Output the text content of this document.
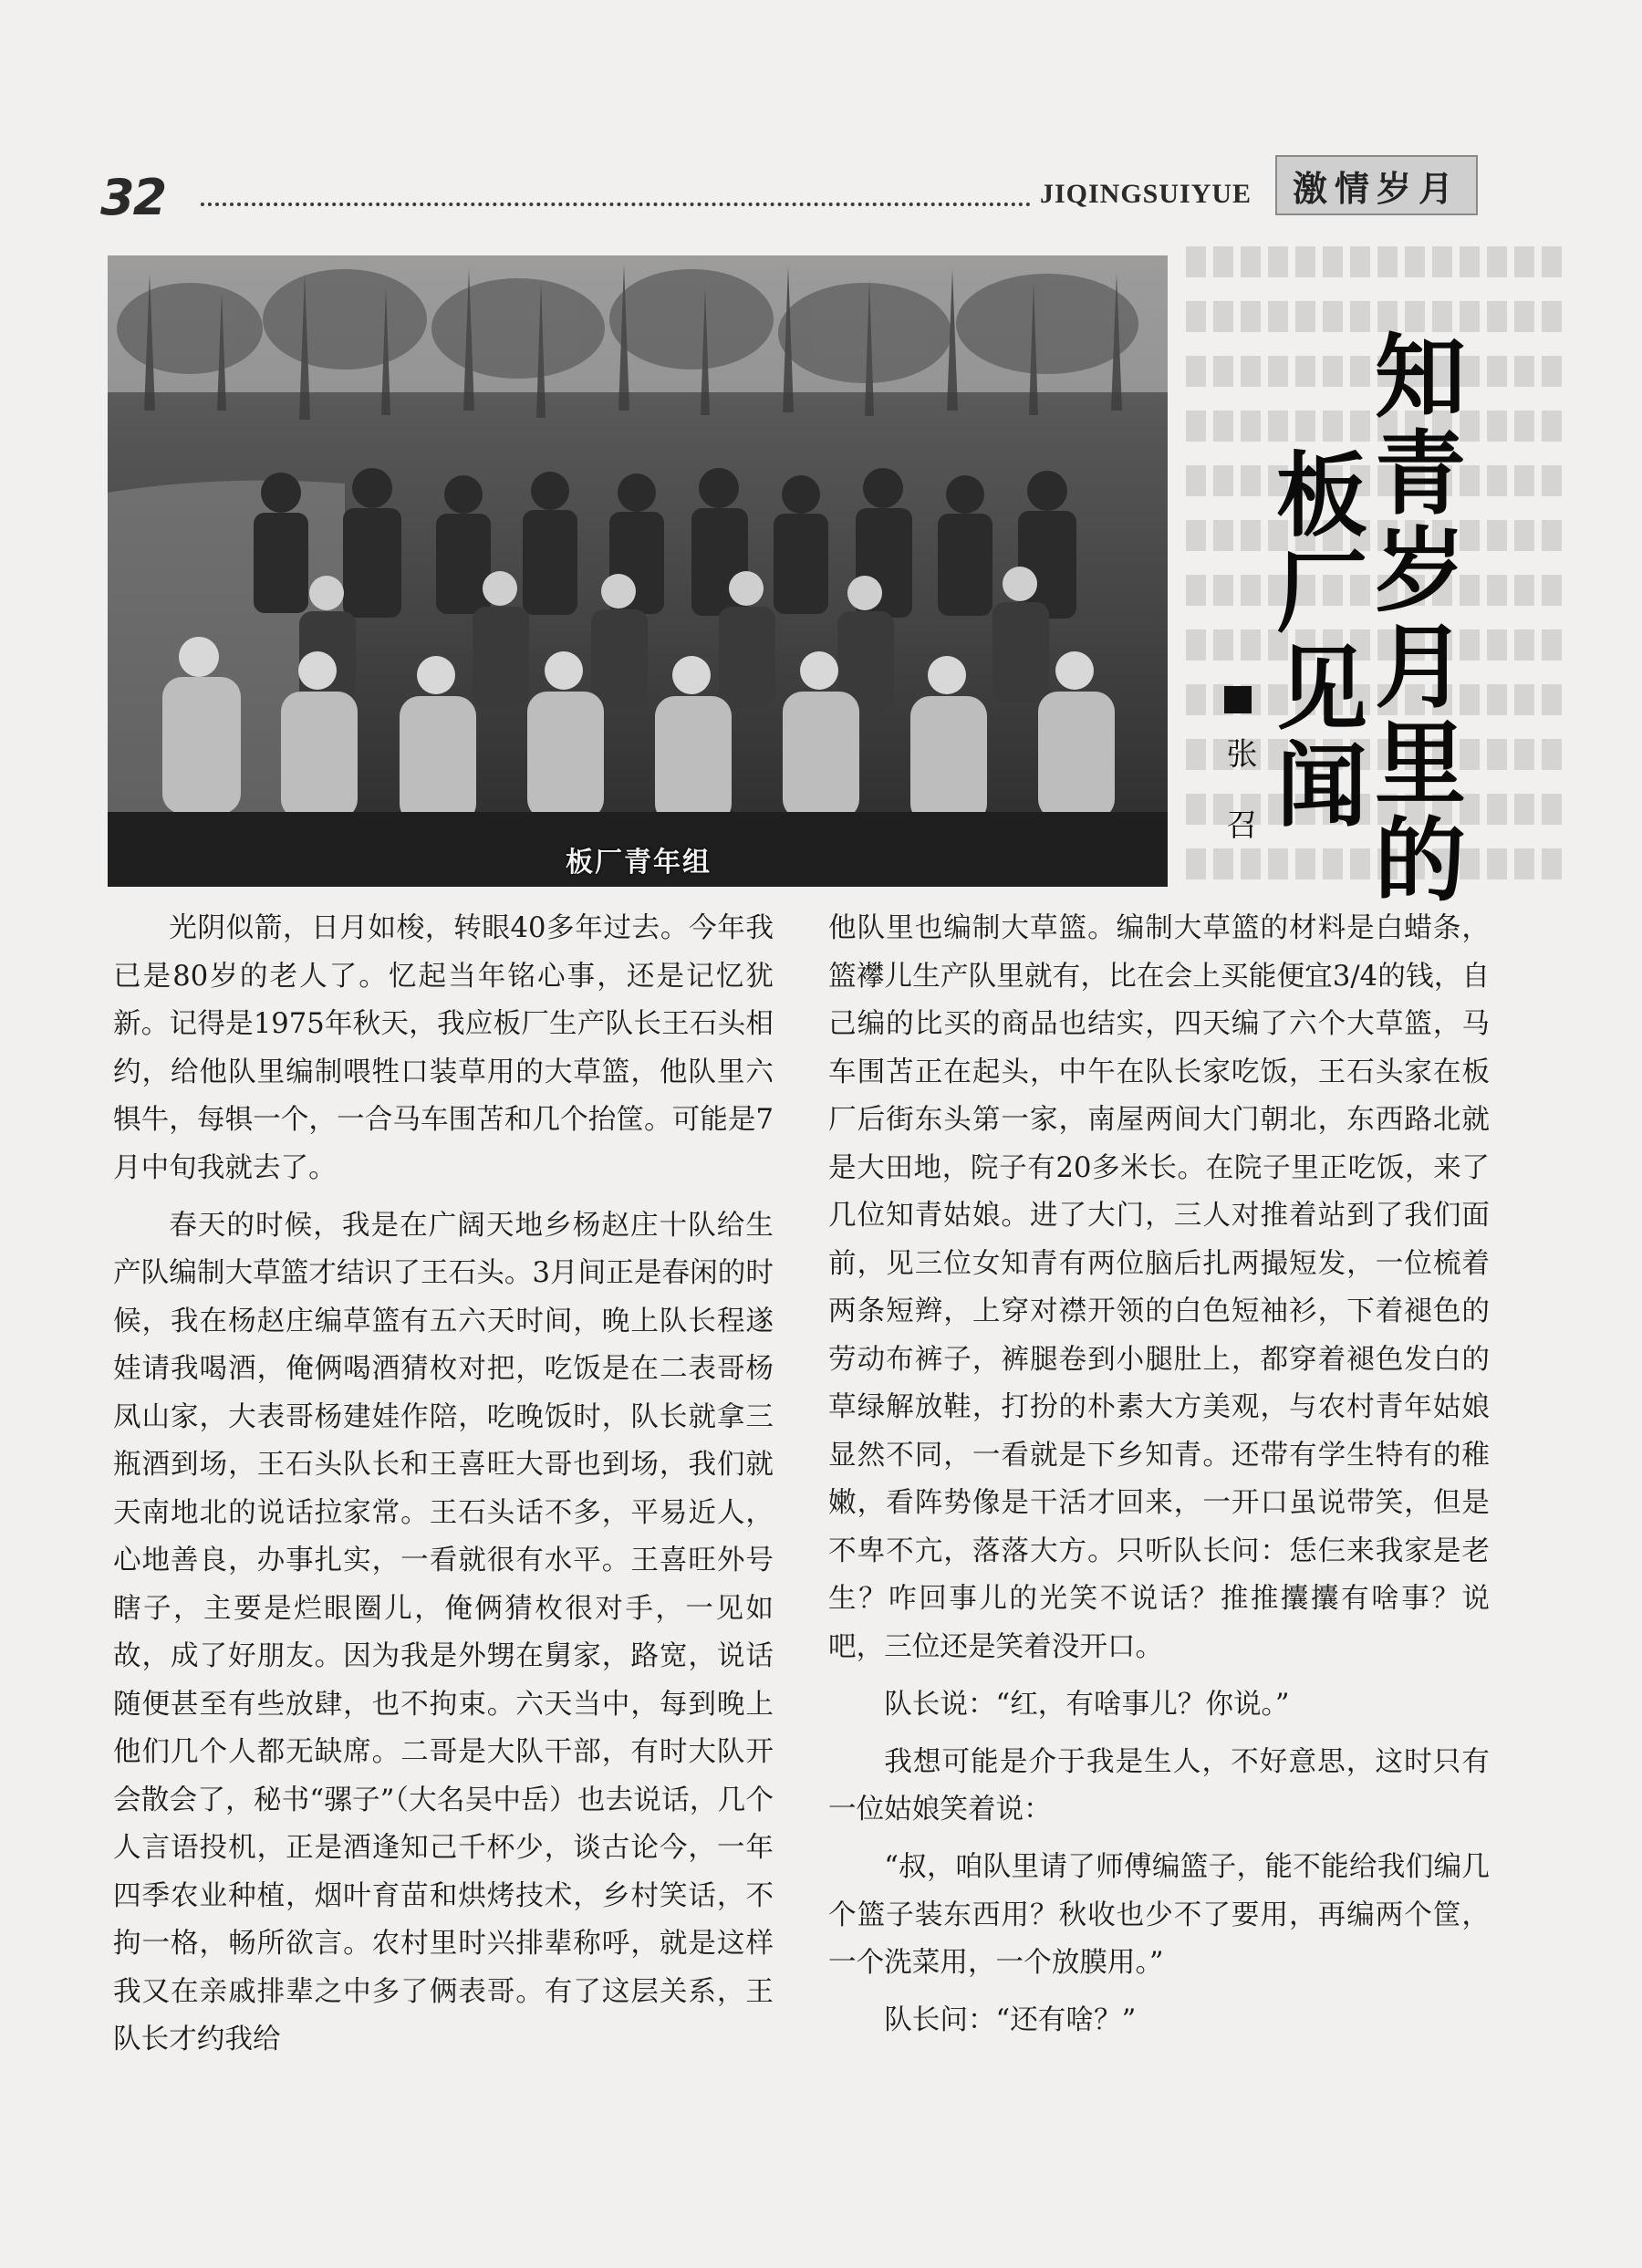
32	JIQINGSUIYUE	激情岁月
板厂青年组	知青岁月里的
板厂见闻
张召

光阴似箭，日月如梭，转眼40多年过去。今年我已是80岁的老人了。忆起当年铭心事，还是记忆犹新。记得是1975年秋天，我应板厂生产队长王石头相约，给他队里编制喂牲口装草用的大草篮，他队里六犋牛，每犋一个，一合马车围苫和几个抬筐。可能是7月中旬我就去了。

春天的时候，我是在广阔天地乡杨赵庄十队给生产队编制大草篮才结识了王石头。3月间正是春闲的时候，我在杨赵庄编草篮有五六天时间，晚上队长程遂娃请我喝酒，俺俩喝酒猜枚对把，吃饭是在二表哥杨凤山家，大表哥杨建娃作陪，吃晚饭时，队长就拿三瓶酒到场，王石头队长和王喜旺大哥也到场，我们就天南地北的说话拉家常。王石头话不多，平易近人，心地善良，办事扎实，一看就很有水平。王喜旺外号瞎子，主要是烂眼圈儿，俺俩猜枚很对手，一见如故，成了好朋友。因为我是外甥在舅家，路宽，说话随便甚至有些放肆，也不拘束。六天当中，每到晚上他们几个人都无缺席。二哥是大队干部，有时大队开会散会了，秘书“骡子”（大名吴中岳）也去说话，几个人言语投机，正是酒逢知己千杯少，谈古论今，一年四季农业种植，烟叶育苗和烘烤技术，乡村笑话，不拘一格，畅所欲言。农村里时兴排辈称呼，就是这样我又在亲戚排辈之中多了俩表哥。有了这层关系，王队长才约我给

他队里也编制大草篮。编制大草篮的材料是白蜡条，篮襻儿生产队里就有，比在会上买能便宜3/4的钱，自己编的比买的商品也结实，四天编了六个大草篮，马车围苫正在起头，中午在队长家吃饭，王石头家在板厂后街东头第一家，南屋两间大门朝北，东西路北就是大田地，院子有20多米长。在院子里正吃饭，来了几位知青姑娘。进了大门，三人对推着站到了我们面前，见三位女知青有两位脑后扎两撮短发，一位梳着两条短辫，上穿对襟开领的白色短袖衫，下着褪色的劳动布裤子，裤腿卷到小腿肚上，都穿着褪色发白的草绿解放鞋，打扮的朴素大方美观，与农村青年姑娘显然不同，一看就是下乡知青。还带有学生特有的稚嫩，看阵势像是干活才回来，一开口虽说带笑，但是不卑不亢，落落大方。只听队长问：恁仨来我家是老生？咋回事儿的光笑不说话？推推攮攮有啥事？说吧，三位还是笑着没开口。

队长说：“红，有啥事儿？你说。”

我想可能是介于我是生人，不好意思，这时只有一位姑娘笑着说：

“叔，咱队里请了师傅编篮子，能不能给我们编几个篮子装东西用？秋收也少不了要用，再编两个筐，一个洗菜用，一个放膜用。”

队长问：“还有啥？”
